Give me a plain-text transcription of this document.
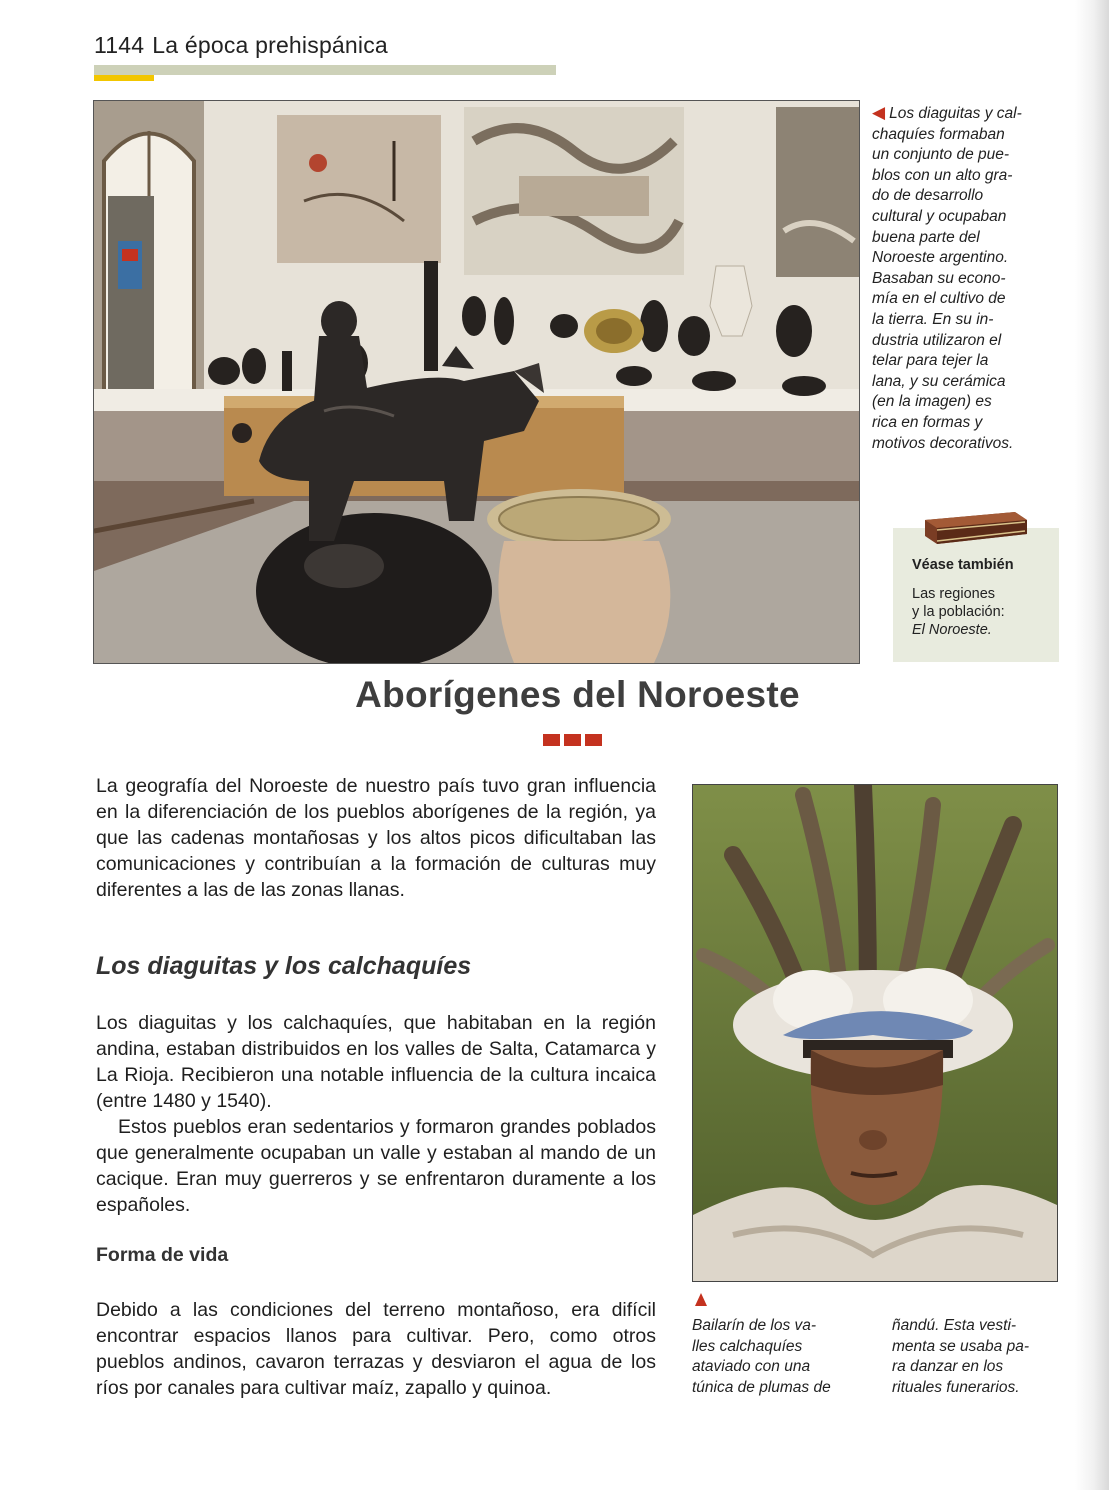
1144 La época prehispánica
◀ Los diaguitas y cal-
chaquíes formaban
un conjunto de pue-
blos con un alto gra-
do de desarrollo
cultural y ocupaban
buena parte del
Noroeste argentino.
Basaban su econo-
mía en el cultivo de
la tierra. En su in-
dustria utilizaron el
telar para tejer la
lana, y su cerámica
(en la imagen) es
rica en formas y
motivos decorativos.
Véase también
Las regiones
y la población:
El Noroeste.
Aborígenes del Noroeste

La geografía del Noroeste de nuestro país tuvo gran influencia en la diferenciación de los pueblos aborígenes de la región, ya que las cadenas montañosas y los altos picos dificultaban las comunicaciones y contribuían a la formación de culturas muy diferentes a las de las zonas llanas.

Los diaguitas y los calchaquíes

Los diaguitas y los calchaquíes, que habitaban en la región andina, estaban distribuidos en los valles de Salta, Catamarca y La Rioja. Recibieron una notable influencia de la cultura incaica (entre 1480 y 1540).

Estos pueblos eran sedentarios y formaron grandes poblados que generalmente ocupaban un valle y estaban al mando de un cacique. Eran muy guerreros y se enfrentaron duramente a los españoles.

Forma de vida

Debido a las condiciones del terreno montañoso, era difícil encontrar espacios llanos para cultivar. Pero, como otros pueblos andinos, cavaron terrazas y desviaron el agua de los ríos por canales para cultivar maíz, zapallo y quinoa.

Bailarín de los va-
lles calchaquíes
ataviado con una
túnica de plumas de
ñandú. Esta vesti-
menta se usaba pa-
ra danzar en los
rituales funerarios.
